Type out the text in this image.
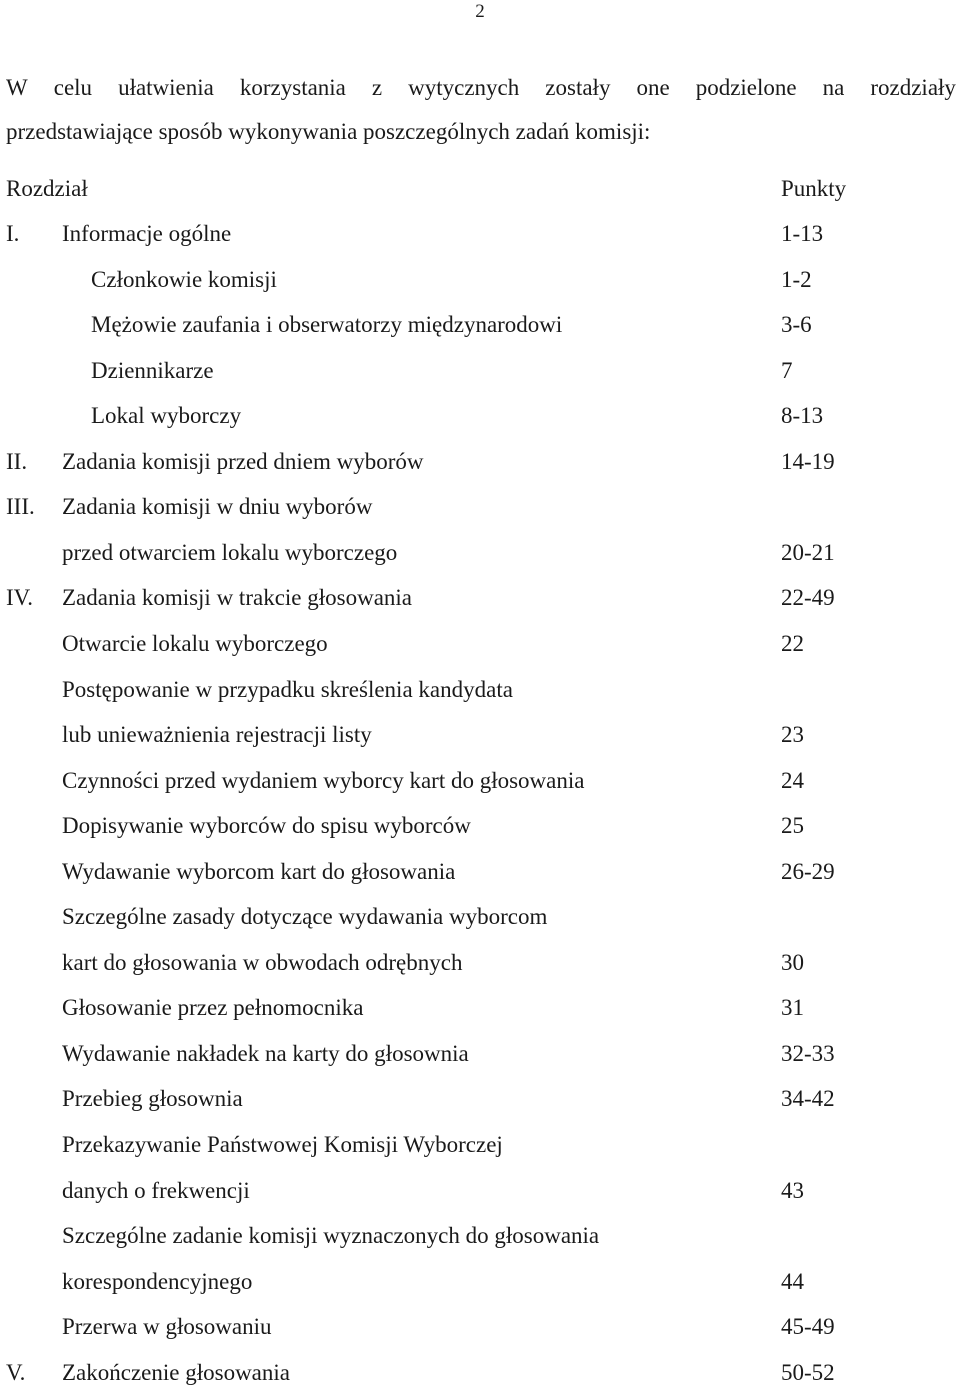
2
W celu ułatwienia korzystania z wytycznych zostały one podzielone na rozdziały
przedstawiające sposób wykonywania poszczególnych zadań komisji:
Rozdział	Punkty
I. Informacje ogólne	1-13
Członkowie komisji	1-2
Mężowie zaufania i obserwatorzy międzynarodowi	3-6
Dziennikarze	7
Lokal wyborczy	8-13
II. Zadania komisji przed dniem wyborów	14-19
III. Zadania komisji w dniu wyborów
przed otwarciem lokalu wyborczego	20-21
IV. Zadania komisji w trakcie głosowania	22-49
Otwarcie lokalu wyborczego	22
Postępowanie w przypadku skreślenia kandydata
lub unieważnienia rejestracji listy	23
Czynności przed wydaniem wyborcy kart do głosowania	24
Dopisywanie wyborców do spisu wyborców	25
Wydawanie wyborcom kart do głosowania	26-29
Szczególne zasady dotyczące wydawania wyborcom
kart do głosowania w obwodach odrębnych	30
Głosowanie przez pełnomocnika	31
Wydawanie nakładek na karty do głosownia	32-33
Przebieg głosownia	34-42
Przekazywanie Państwowej Komisji Wyborczej
danych o frekwencji	43
Szczególne zadanie komisji wyznaczonych do głosowania
korespondencyjnego	44
Przerwa w głosowaniu	45-49
V. Zakończenie głosowania	50-52
